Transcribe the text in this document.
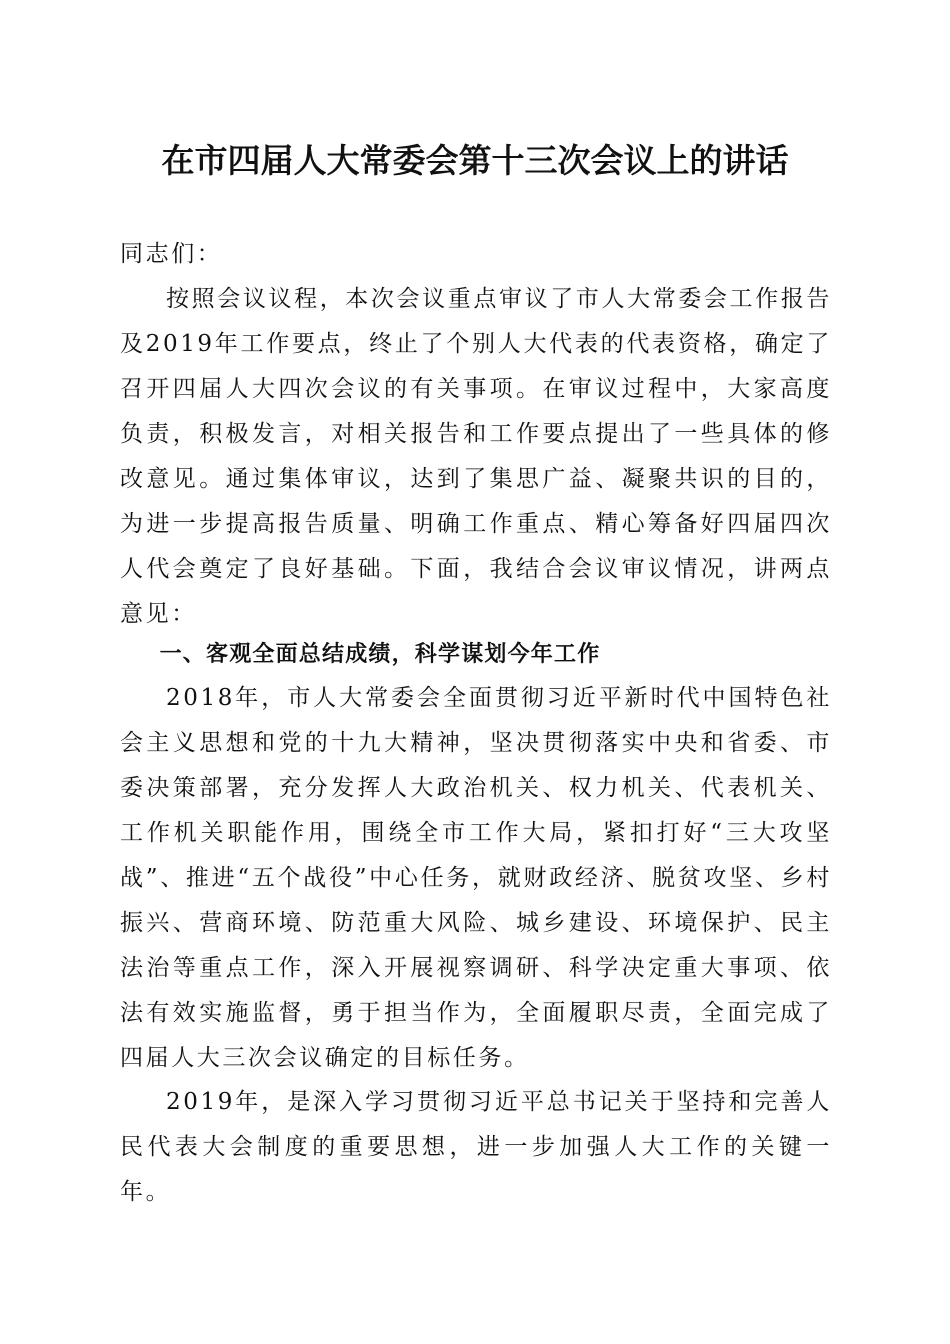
在市四届人大常委会第十三次会议上的讲话

同志们：

按照会议议程，本次会议重点审议了市人大常委会工作报告及2019年工作要点，终止了个别人大代表的代表资格，确定了召开四届人大四次会议的有关事项。在审议过程中，大家高度负责，积极发言，对相关报告和工作要点提出了一些具体的修改意见。通过集体审议，达到了集思广益、凝聚共识的目的，为进一步提高报告质量、明确工作重点、精心筹备好四届四次人代会奠定了良好基础。下面，我结合会议审议情况，讲两点意见：

一、客观全面总结成绩，科学谋划今年工作

2018年，市人大常委会全面贯彻习近平新时代中国特色社会主义思想和党的十九大精神，坚决贯彻落实中央和省委、市委决策部署，充分发挥人大政治机关、权力机关、代表机关、工作机关职能作用，围绕全市工作大局，紧扣打好“三大攻坚战”、推进“五个战役”中心任务，就财政经济、脱贫攻坚、乡村振兴、营商环境、防范重大风险、城乡建设、环境保护、民主法治等重点工作，深入开展视察调研、科学决定重大事项、依法有效实施监督，勇于担当作为，全面履职尽责，全面完成了四届人大三次会议确定的目标任务。

2019年，是深入学习贯彻习近平总书记关于坚持和完善人民代表大会制度的重要思想，进一步加强人大工作的关键一年。
